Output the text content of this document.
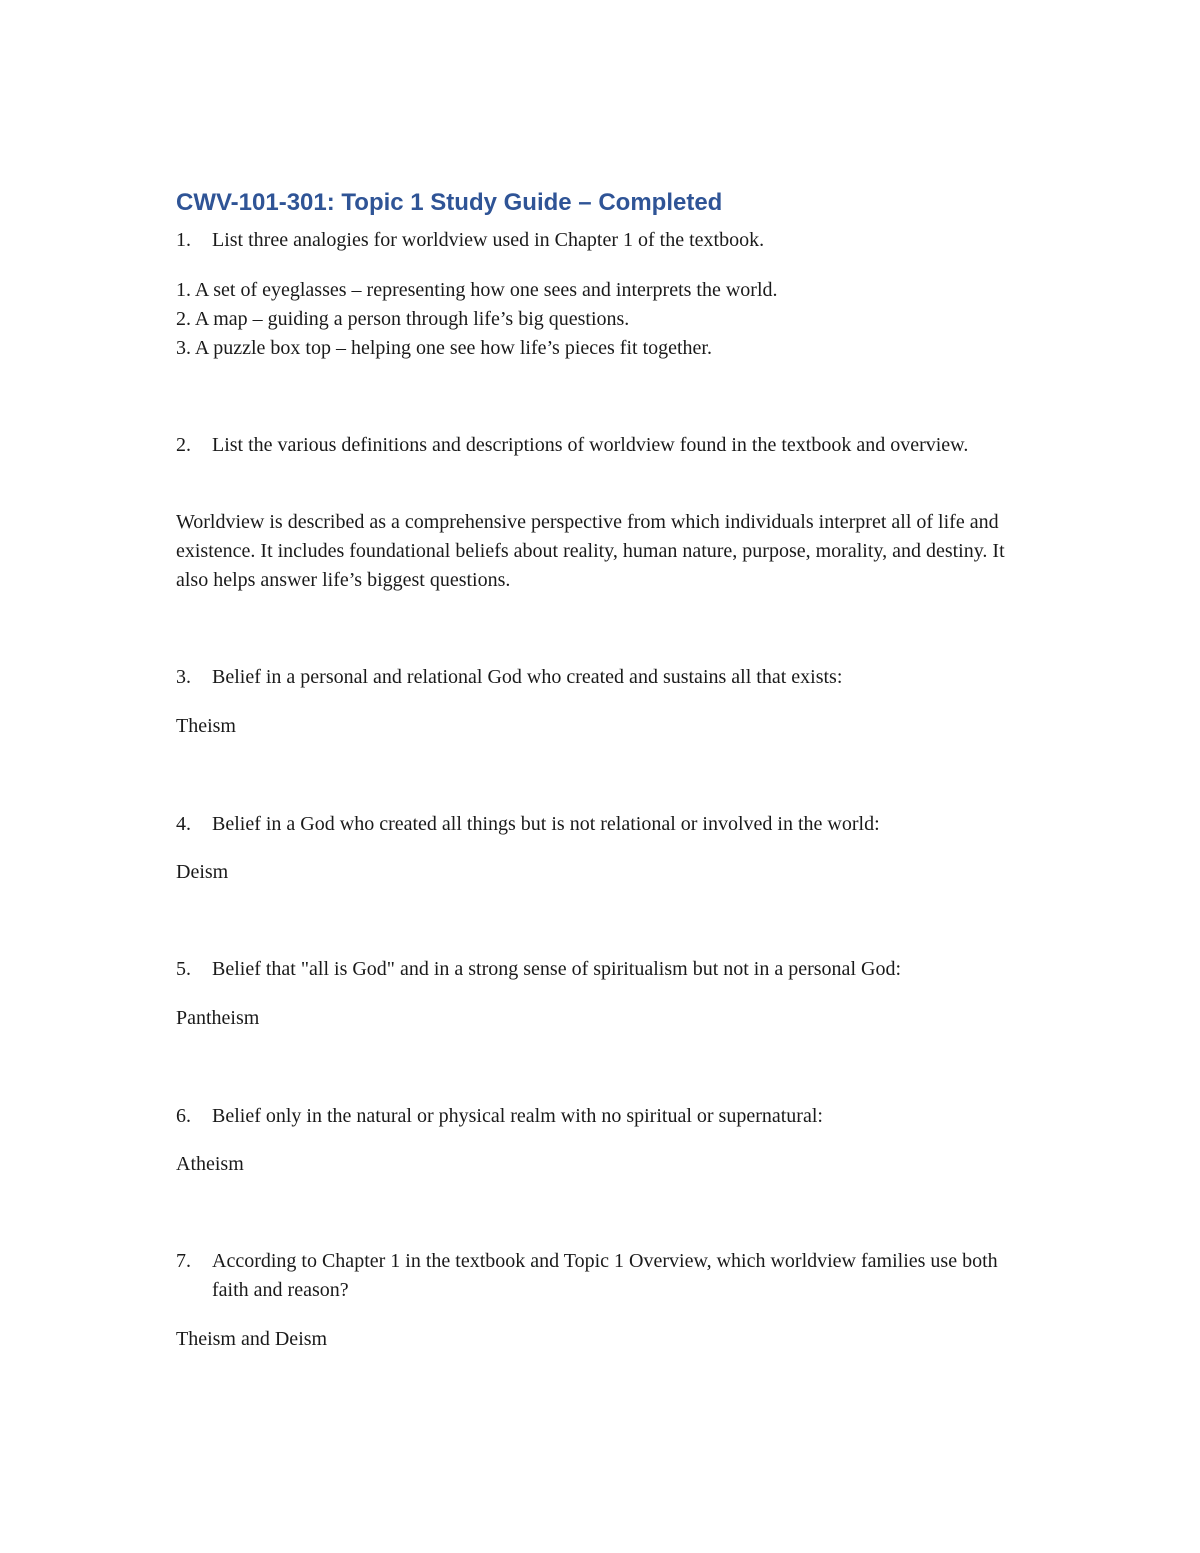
CWV-101-301: Topic 1 Study Guide – Completed
1.	List three analogies for worldview used in Chapter 1 of the textbook.
1. A set of eyeglasses – representing how one sees and interprets the world.
2. A map – guiding a person through life’s big questions.
3. A puzzle box top – helping one see how life’s pieces fit together.
2.	List the various definitions and descriptions of worldview found in the textbook and overview.
Worldview is described as a comprehensive perspective from which individuals interpret all of life and existence. It includes foundational beliefs about reality, human nature, purpose, morality, and destiny. It also helps answer life’s biggest questions.
3.	Belief in a personal and relational God who created and sustains all that exists:
Theism
4.	Belief in a God who created all things but is not relational or involved in the world:
Deism
5.	Belief that "all is God" and in a strong sense of spiritualism but not in a personal God:
Pantheism
6.	Belief only in the natural or physical realm with no spiritual or supernatural:
Atheism
7.	According to Chapter 1 in the textbook and Topic 1 Overview, which worldview families use both faith and reason?
Theism and Deism
